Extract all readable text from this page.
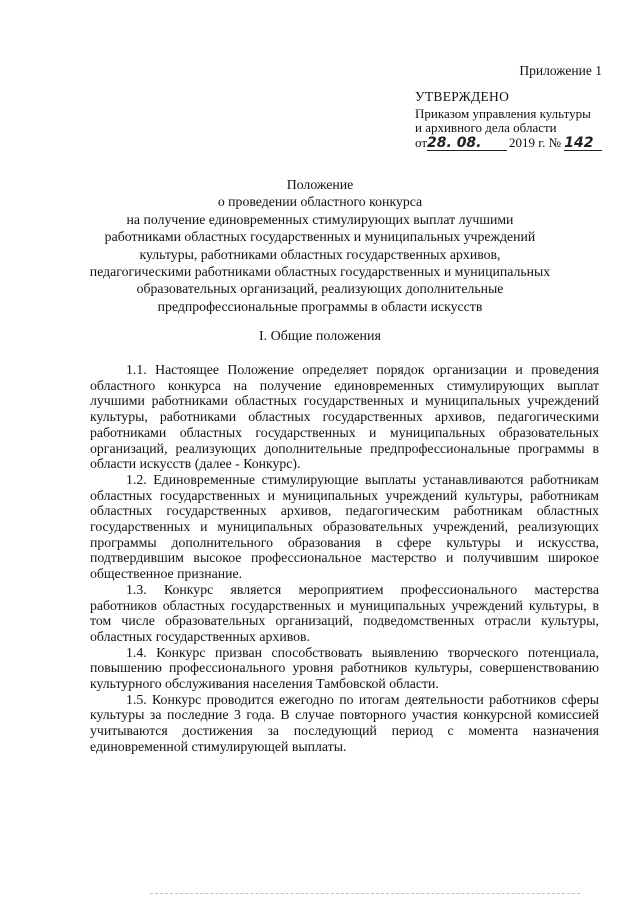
Приложение 1
УТВЕРЖДЕНО
Приказом управления культуры
и архивного дела области
от28. 08. 2019 г. № 142
Положение
о проведении областного конкурса
на получение единовременных стимулирующих выплат лучшими
работниками областных государственных и муниципальных учреждений
культуры, работниками областных государственных архивов,
педагогическими работниками областных государственных и муниципальных
образовательных организаций, реализующих дополнительные
предпрофессиональные программы в области искусств
I. Общие положения

1.1. Настоящее Положение определяет порядок организации и проведения областного конкурса на получение единовременных стимулирующих выплат лучшими работниками областных государственных и муниципальных учреждений культуры, работниками областных государственных архивов, педагогическими работниками областных государственных и муниципальных образовательных организаций, реализующих дополнительные предпрофессиональные программы в области искусств (далее - Конкурс).

1.2. Единовременные стимулирующие выплаты устанавливаются работникам областных государственных и муниципальных учреждений культуры, работникам областных государственных архивов, педагогическим работникам областных государственных и муниципальных образовательных учреждений, реализующих программы дополнительного образования в сфере культуры и искусства, подтвердившим высокое профессиональное мастерство и получившим широкое общественное признание.

1.3. Конкурс является мероприятием профессионального мастерства работников областных государственных и муниципальных учреждений культуры, в том числе образовательных организаций, подведомственных отрасли культуры, областных государственных архивов.

1.4. Конкурс призван способствовать выявлению творческого потенциала, повышению профессионального уровня работников культуры, совершенствованию культурного обслуживания населения Тамбовской области.

1.5. Конкурс проводится ежегодно по итогам деятельности работников сферы культуры за последние 3 года. В случае повторного участия конкурсной комиссией учитываются достижения за последующий период с момента назначения единовременной стимулирующей выплаты.
